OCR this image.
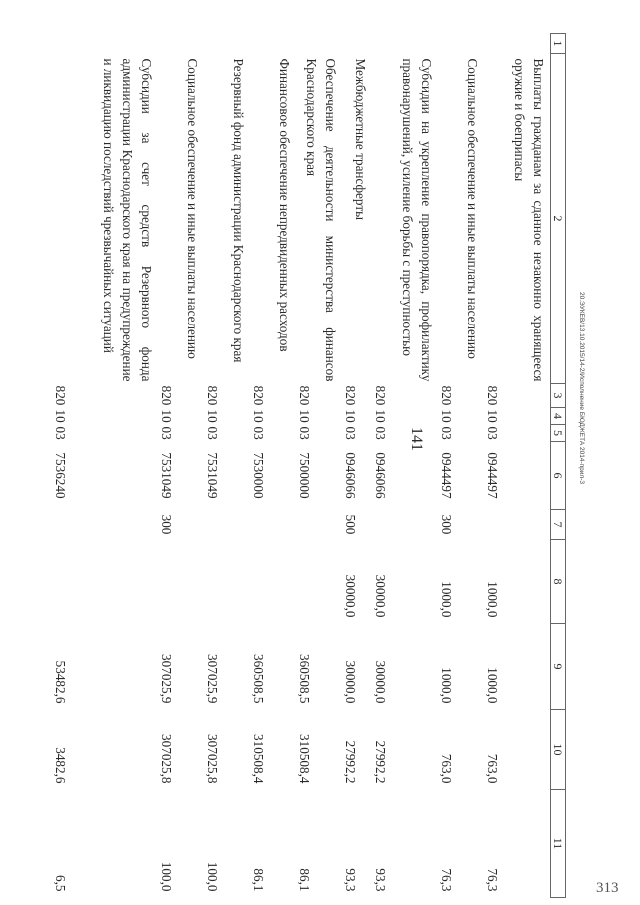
141	20.ЭУКЕВ/13.10.2015/14-2/Исполнение БЮДЖЕТА 2014-прил-3
313
1	2	3	4	5	6	7	8	9	10	11
	Выплаты гражданам за сданное незаконно хранящееся оружие и боеприпасы	820	10	03	0944497		1000,0	1000,0	763,0	76,3
	Социальное обеспечение и иные выплаты населению	820	10	03	0944497	300	1000,0	1000,0	763,0	76,3
	Субсидии на укрепление правопорядка, профилактику правонарушений, усиление борьбы с преступностью	820	10	03	0946066		30000,0	30000,0	27992,2	93,3
	Межбюджетные трансферты	820	10	03	0946066	500	30000,0	30000,0	27992,2	93,3
	Обеспечение деятельности министерства финансов Краснодарского края	820	10	03	7500000			360508,5	310508,4	86,1
	Финансовое обеспечение непредвиденных расходов	820	10	03	7530000			360508,5	310508,4	86,1
	Резервный фонд администрации Краснодарского края	820	10	03	7531049			307025,9	307025,8	100,0
	Социальное обеспечение и иные выплаты населению	820	10	03	7531049	300		307025,9	307025,8	100,0
	Субсидии за счет средств Резервного фонда администрации Краснодарского края на предупреждение и ликвидацию последствий чрезвычайных ситуаций	820	10	03	7536240			53482,6	3482,6	6,5
